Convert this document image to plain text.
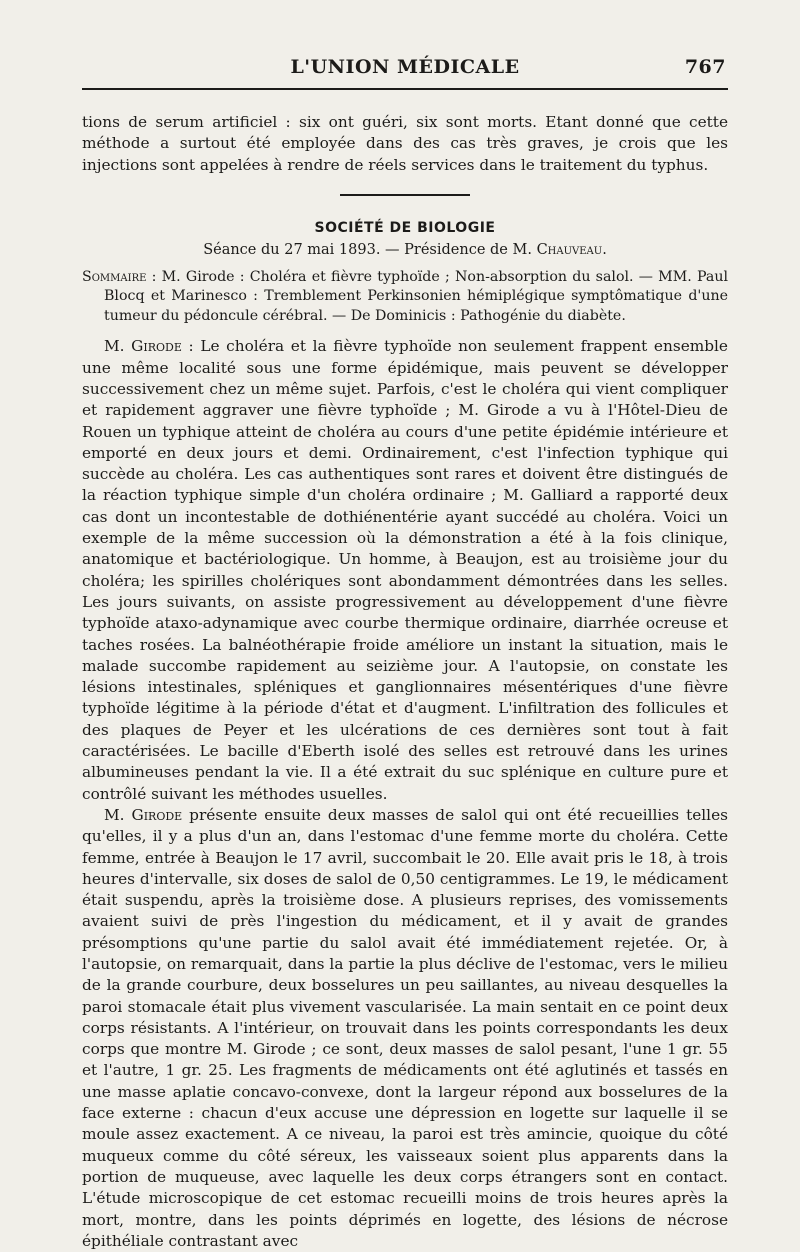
L'UNION MÉDICALE	767

tions de serum artificiel : six ont guéri, six sont morts. Etant donné que cette méthode a surtout été employée dans des cas très graves, je crois que les injections sont appelées à rendre de réels services dans le traitement du typhus.

SOCIÉTÉ DE BIOLOGIE

Séance du 27 mai 1893. — Présidence de M. Chauveau.

Sommaire : M. Girode : Choléra et fièvre typhoïde ; Non-absorption du salol. — MM. Paul Blocq et Marinesco : Tremblement Perkinsonien hémiplégique symptômatique d'une tumeur du pédoncule cérébral. — De Dominicis : Pathogénie du diabète.

M. Girode : Le choléra et la fièvre typhoïde non seulement frappent ensemble une même localité sous une forme épidémique, mais peuvent se développer successivement chez un même sujet. Parfois, c'est le choléra qui vient compliquer et rapidement aggraver une fièvre typhoïde ; M. Girode a vu à l'Hôtel-Dieu de Rouen un typhique atteint de choléra au cours d'une petite épidémie intérieure et emporté en deux jours et demi. Ordinairement, c'est l'infection typhique qui succède au choléra. Les cas authentiques sont rares et doivent être distingués de la réaction typhique simple d'un choléra ordinaire ; M. Galliard a rapporté deux cas dont un incontestable de dothiénentérie ayant succédé au choléra. Voici un exemple de la même succession où la démonstration a été à la fois clinique, anatomique et bactériologique. Un homme, à Beaujon, est au troisième jour du choléra; les spirilles cholériques sont abondamment démontrées dans les selles. Les jours suivants, on assiste progressivement au développement d'une fièvre typhoïde ataxo-adynamique avec courbe thermique ordinaire, diarrhée ocreuse et taches rosées. La balnéothérapie froide améliore un instant la situation, mais le malade succombe rapidement au seizième jour. A l'autopsie, on constate les lésions intestinales, spléniques et ganglionnaires mésentériques d'une fièvre typhoïde légitime à la période d'état et d'augment. L'infiltration des follicules et des plaques de Peyer et les ulcérations de ces dernières sont tout à fait caractérisées. Le bacille d'Eberth isolé des selles est retrouvé dans les urines albumineuses pendant la vie. Il a été extrait du suc splénique en culture pure et contrôlé suivant les méthodes usuelles.

M. Girode présente ensuite deux masses de salol qui ont été recueillies telles qu'elles, il y a plus d'un an, dans l'estomac d'une femme morte du choléra. Cette femme, entrée à Beaujon le 17 avril, succombait le 20. Elle avait pris le 18, à trois heures d'intervalle, six doses de salol de 0,50 centigrammes. Le 19, le médicament était suspendu, après la troisième dose. A plusieurs reprises, des vomissements avaient suivi de près l'ingestion du médicament, et il y avait de grandes présomptions qu'une partie du salol avait été immédiatement rejetée. Or, à l'autopsie, on remarquait, dans la partie la plus déclive de l'estomac, vers le milieu de la grande courbure, deux bosselures un peu saillantes, au niveau desquelles la paroi stomacale était plus vivement vascularisée. La main sentait en ce point deux corps résistants. A l'intérieur, on trouvait dans les points correspondants les deux corps que montre M. Girode ; ce sont, deux masses de salol pesant, l'une 1 gr. 55 et l'autre, 1 gr. 25. Les fragments de médicaments ont été aglutinés et tassés en une masse aplatie concavo-convexe, dont la largeur répond aux bosselures de la face externe : chacun d'eux accuse une dépression en logette sur laquelle il se moule assez exactement. A ce niveau, la paroi est très amincie, quoique du côté muqueux comme du côté séreux, les vaisseaux soient plus apparents dans la portion de muqueuse, avec laquelle les deux corps étrangers sont en contact. L'étude microscopique de cet estomac recueilli moins de trois heures après la mort, montre, dans les points déprimés en logette, des lésions de nécrose épithéliale contrastant avec
